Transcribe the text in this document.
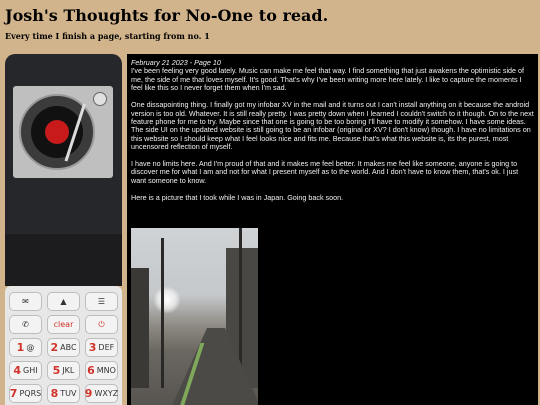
Josh's Thoughts for No-One to read.

Every time I finish a page, starting from no. 1

✉	▲	☰
✆	clear	⏻
1 @ 2 ABC 3 DEF
4 GHI 5 JKL 6 MNO
7 PQRS 8 TUV 9 WXYZ

February 21 2023 - Page 10
I've been feeling very good lately. Music can make me feel that way. I find something that just awakens the optimistic side of me, the side of me that loves myself. It's good. That's why I've been writing more here lately. I like to capture the moments I feel like this so I never forget them when I'm sad.

One dissapointing thing. I finally got my infobar XV in the mail and it turns out I can't install anything on it because the android version is too old. Whatever. It is still really pretty. I was pretty down when I learned I couldn't switch to it though. On to the next feature phone for me to try. Maybe since that one is going to be too boring I'll have to modify it somehow. I have some ideas.

The side UI on the updated website is still going to be an infobar (original or XV? I don't know) though. I have no limitations on this website so I should keep what I feel looks nice and fits me. Because that's what this website is, its the purest, most uncensored reflection of myself.

I have no limits here. And I'm proud of that and it makes me feel better. It makes me feel like someone, anyone is going to discover me for what I am and not for what I present myself as to the world. And I don't have to know them, that's ok. I just want someone to know.

Here is a picture that I took while I was in Japan. Going back soon.
